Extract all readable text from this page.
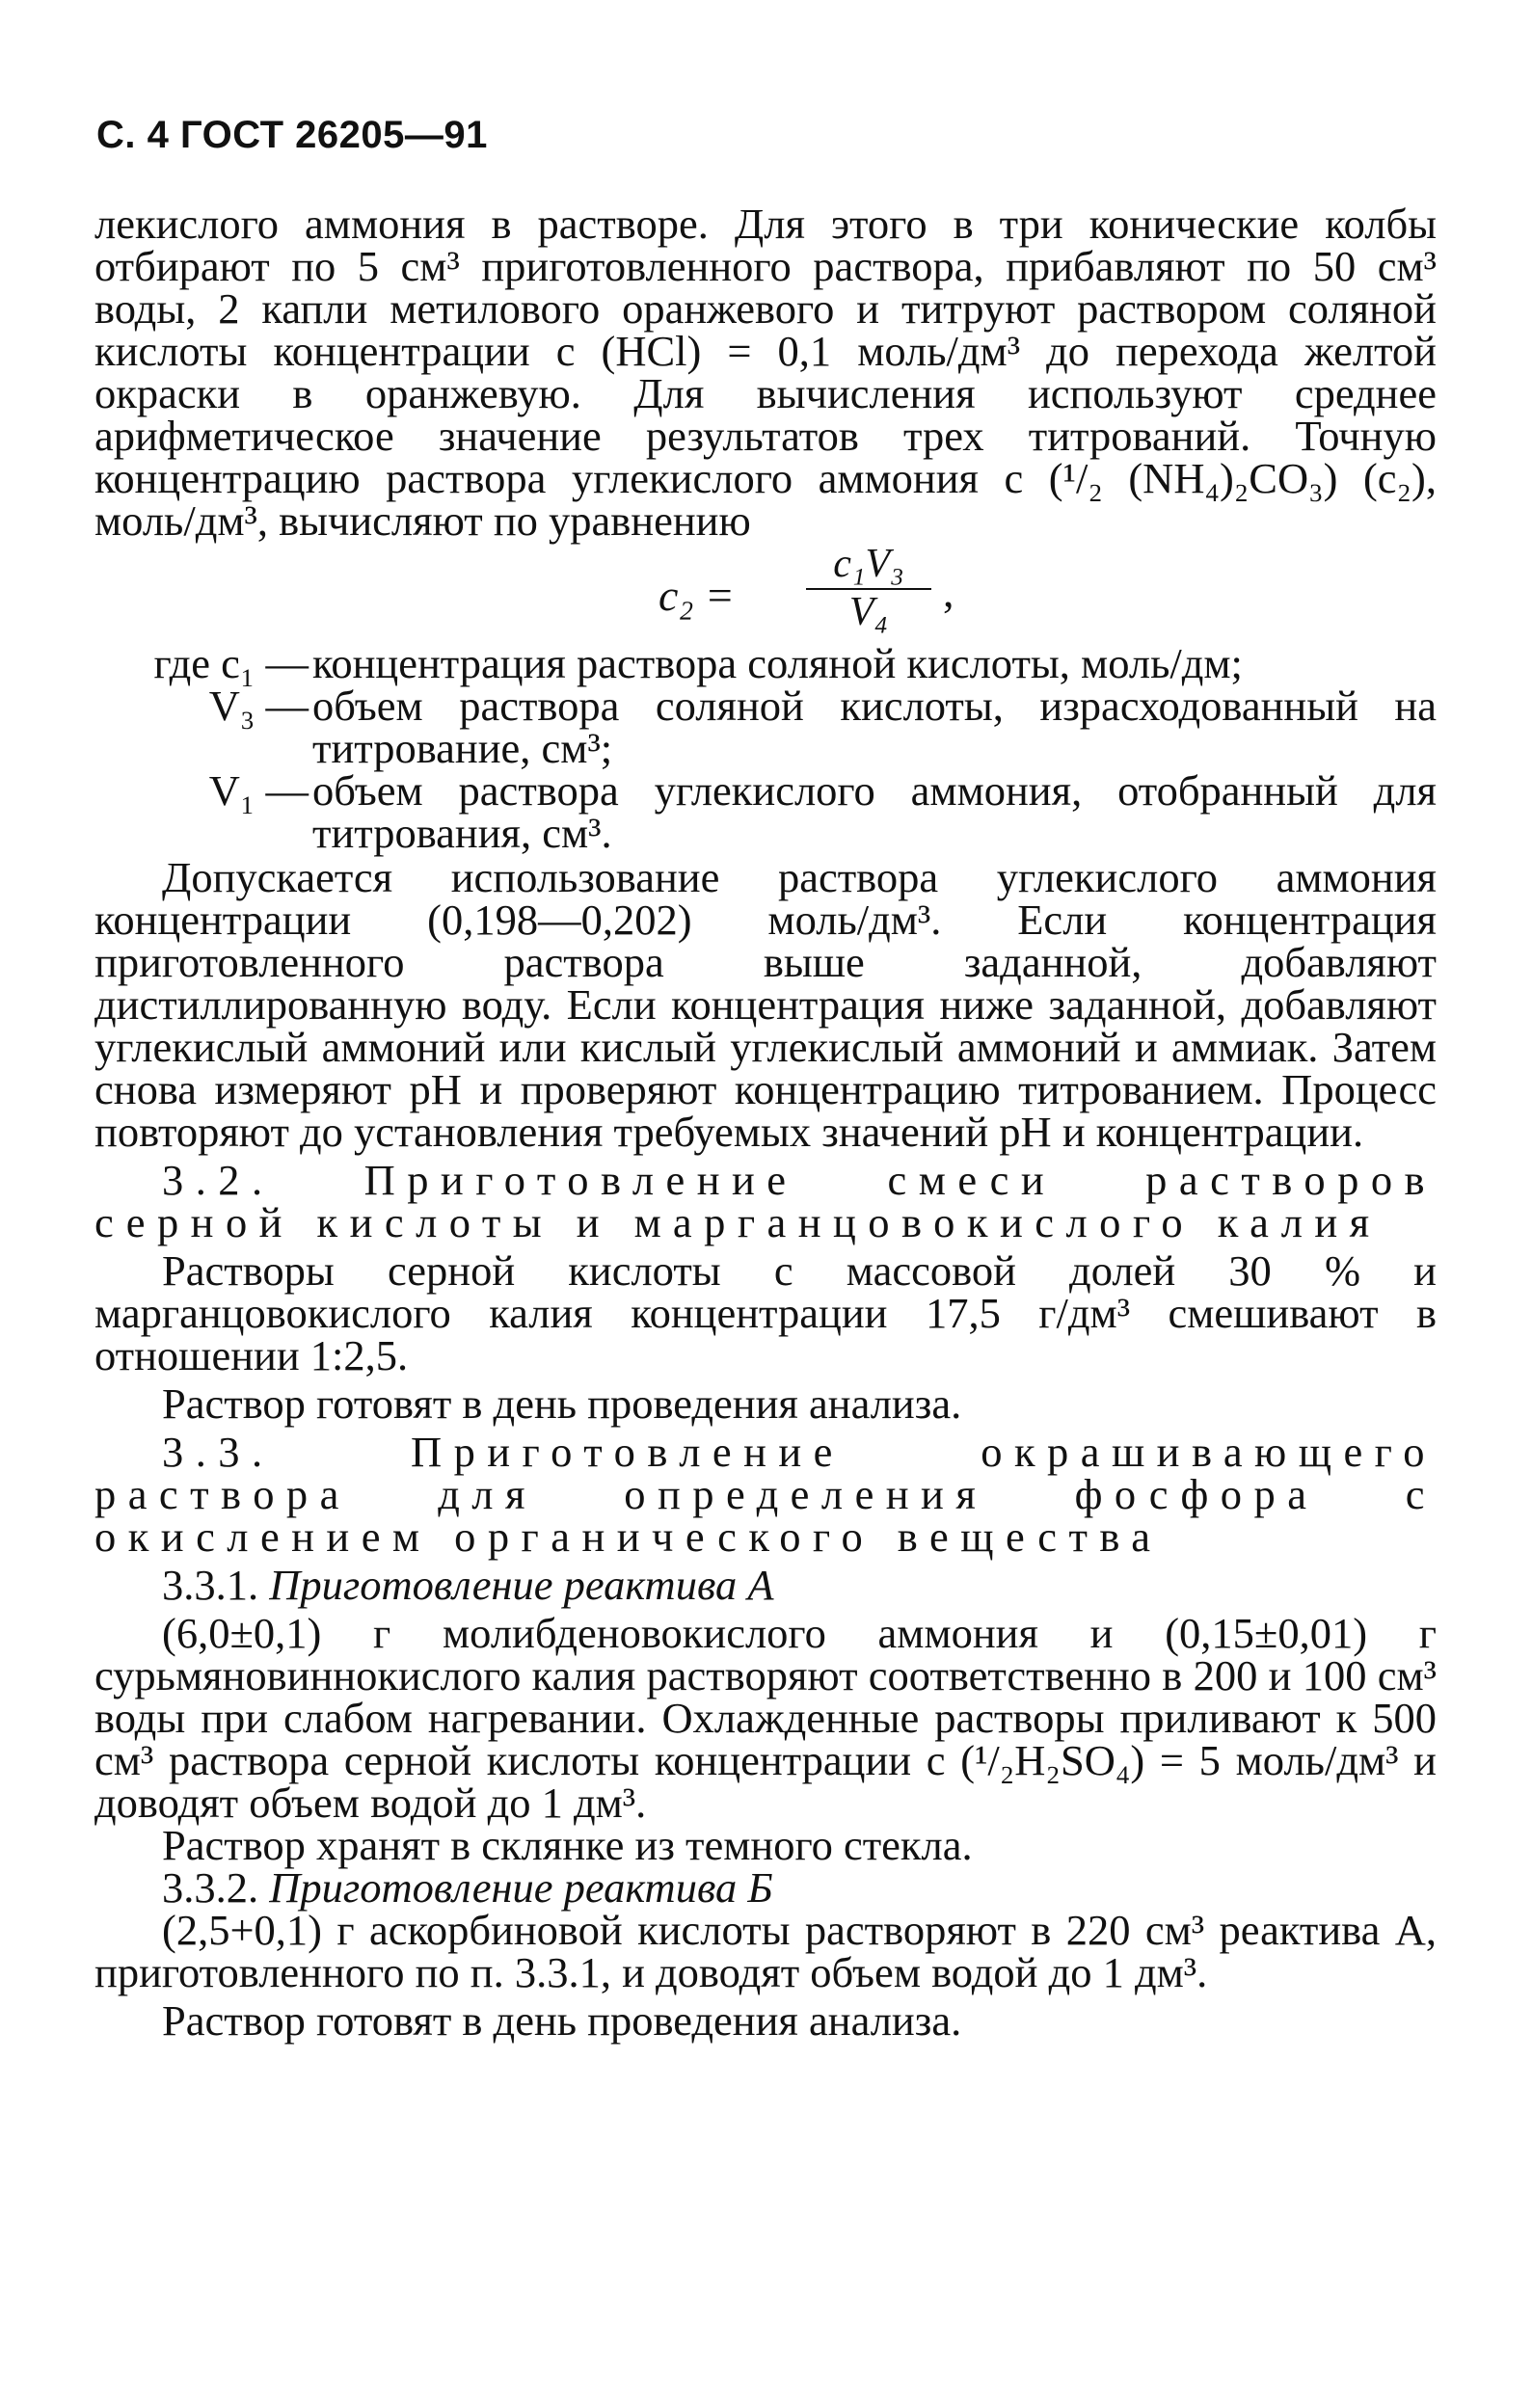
С. 4 ГОСТ 26205—91

лекислого аммония в растворе. Для этого в три конические колбы отбирают по 5 см³ приготовленного раствора, прибавляют по 50 см³ воды, 2 капли метилового оранжевого и титруют раствором соляной кислоты концентрации с (HCl) = 0,1 моль/дм³ до перехода желтой окраски в оранжевую. Для вычисления используют среднее арифметическое значение результатов трех титрований. Точную концентрацию раствора углекислого аммония с (¹/₂ (NH₄)₂CO₃) (с₂), моль/дм³, вычисляют по уравнению

c₂ =
c₁V₃
V₄	,
где c₁ — концентрация раствора соляной кислоты, моль/дм;
V₃ — объем раствора соляной кислоты, израсходованный на титрование, см³;
V₁ — объем раствора углекислого аммония, отобранный для титрования, см³.

Допускается использование раствора углекислого аммония концентрации (0,198—0,202) моль/дм³. Если концентрация приготовленного раствора выше заданной, добавляют дистиллированную воду. Если концентрация ниже заданной, добавляют углекислый аммоний или кислый углекислый аммоний и аммиак. Затем снова измеряют pH и проверяют концентрацию титрованием. Процесс повторяют до установления требуемых значений pH и концентрации.

3.2. Приготовление смеси растворов серной кислоты и марганцовокислого калия

Растворы серной кислоты с массовой долей 30 % и марганцовокислого калия концентрации 17,5 г/дм³ смешивают в отношении 1:2,5.

Раствор готовят в день проведения анализа.

3.3. Приготовление окрашивающего раствора для определения фосфора с окислением органического вещества

3.3.1. Приготовление реактива А

(6,0±0,1) г молибденовокислого аммония и (0,15±0,01) г сурьмяновиннокислого калия растворяют соответственно в 200 и 100 см³ воды при слабом нагревании. Охлажденные растворы приливают к 500 см³ раствора серной кислоты концентрации с (¹/₂H₂SO₄) = 5 моль/дм³ и доводят объем водой до 1 дм³.

Раствор хранят в склянке из темного стекла.

3.3.2. Приготовление реактива Б

(2,5+0,1) г аскорбиновой кислоты растворяют в 220 см³ реактива А, приготовленного по п. 3.3.1, и доводят объем водой до 1 дм³.

Раствор готовят в день проведения анализа.
